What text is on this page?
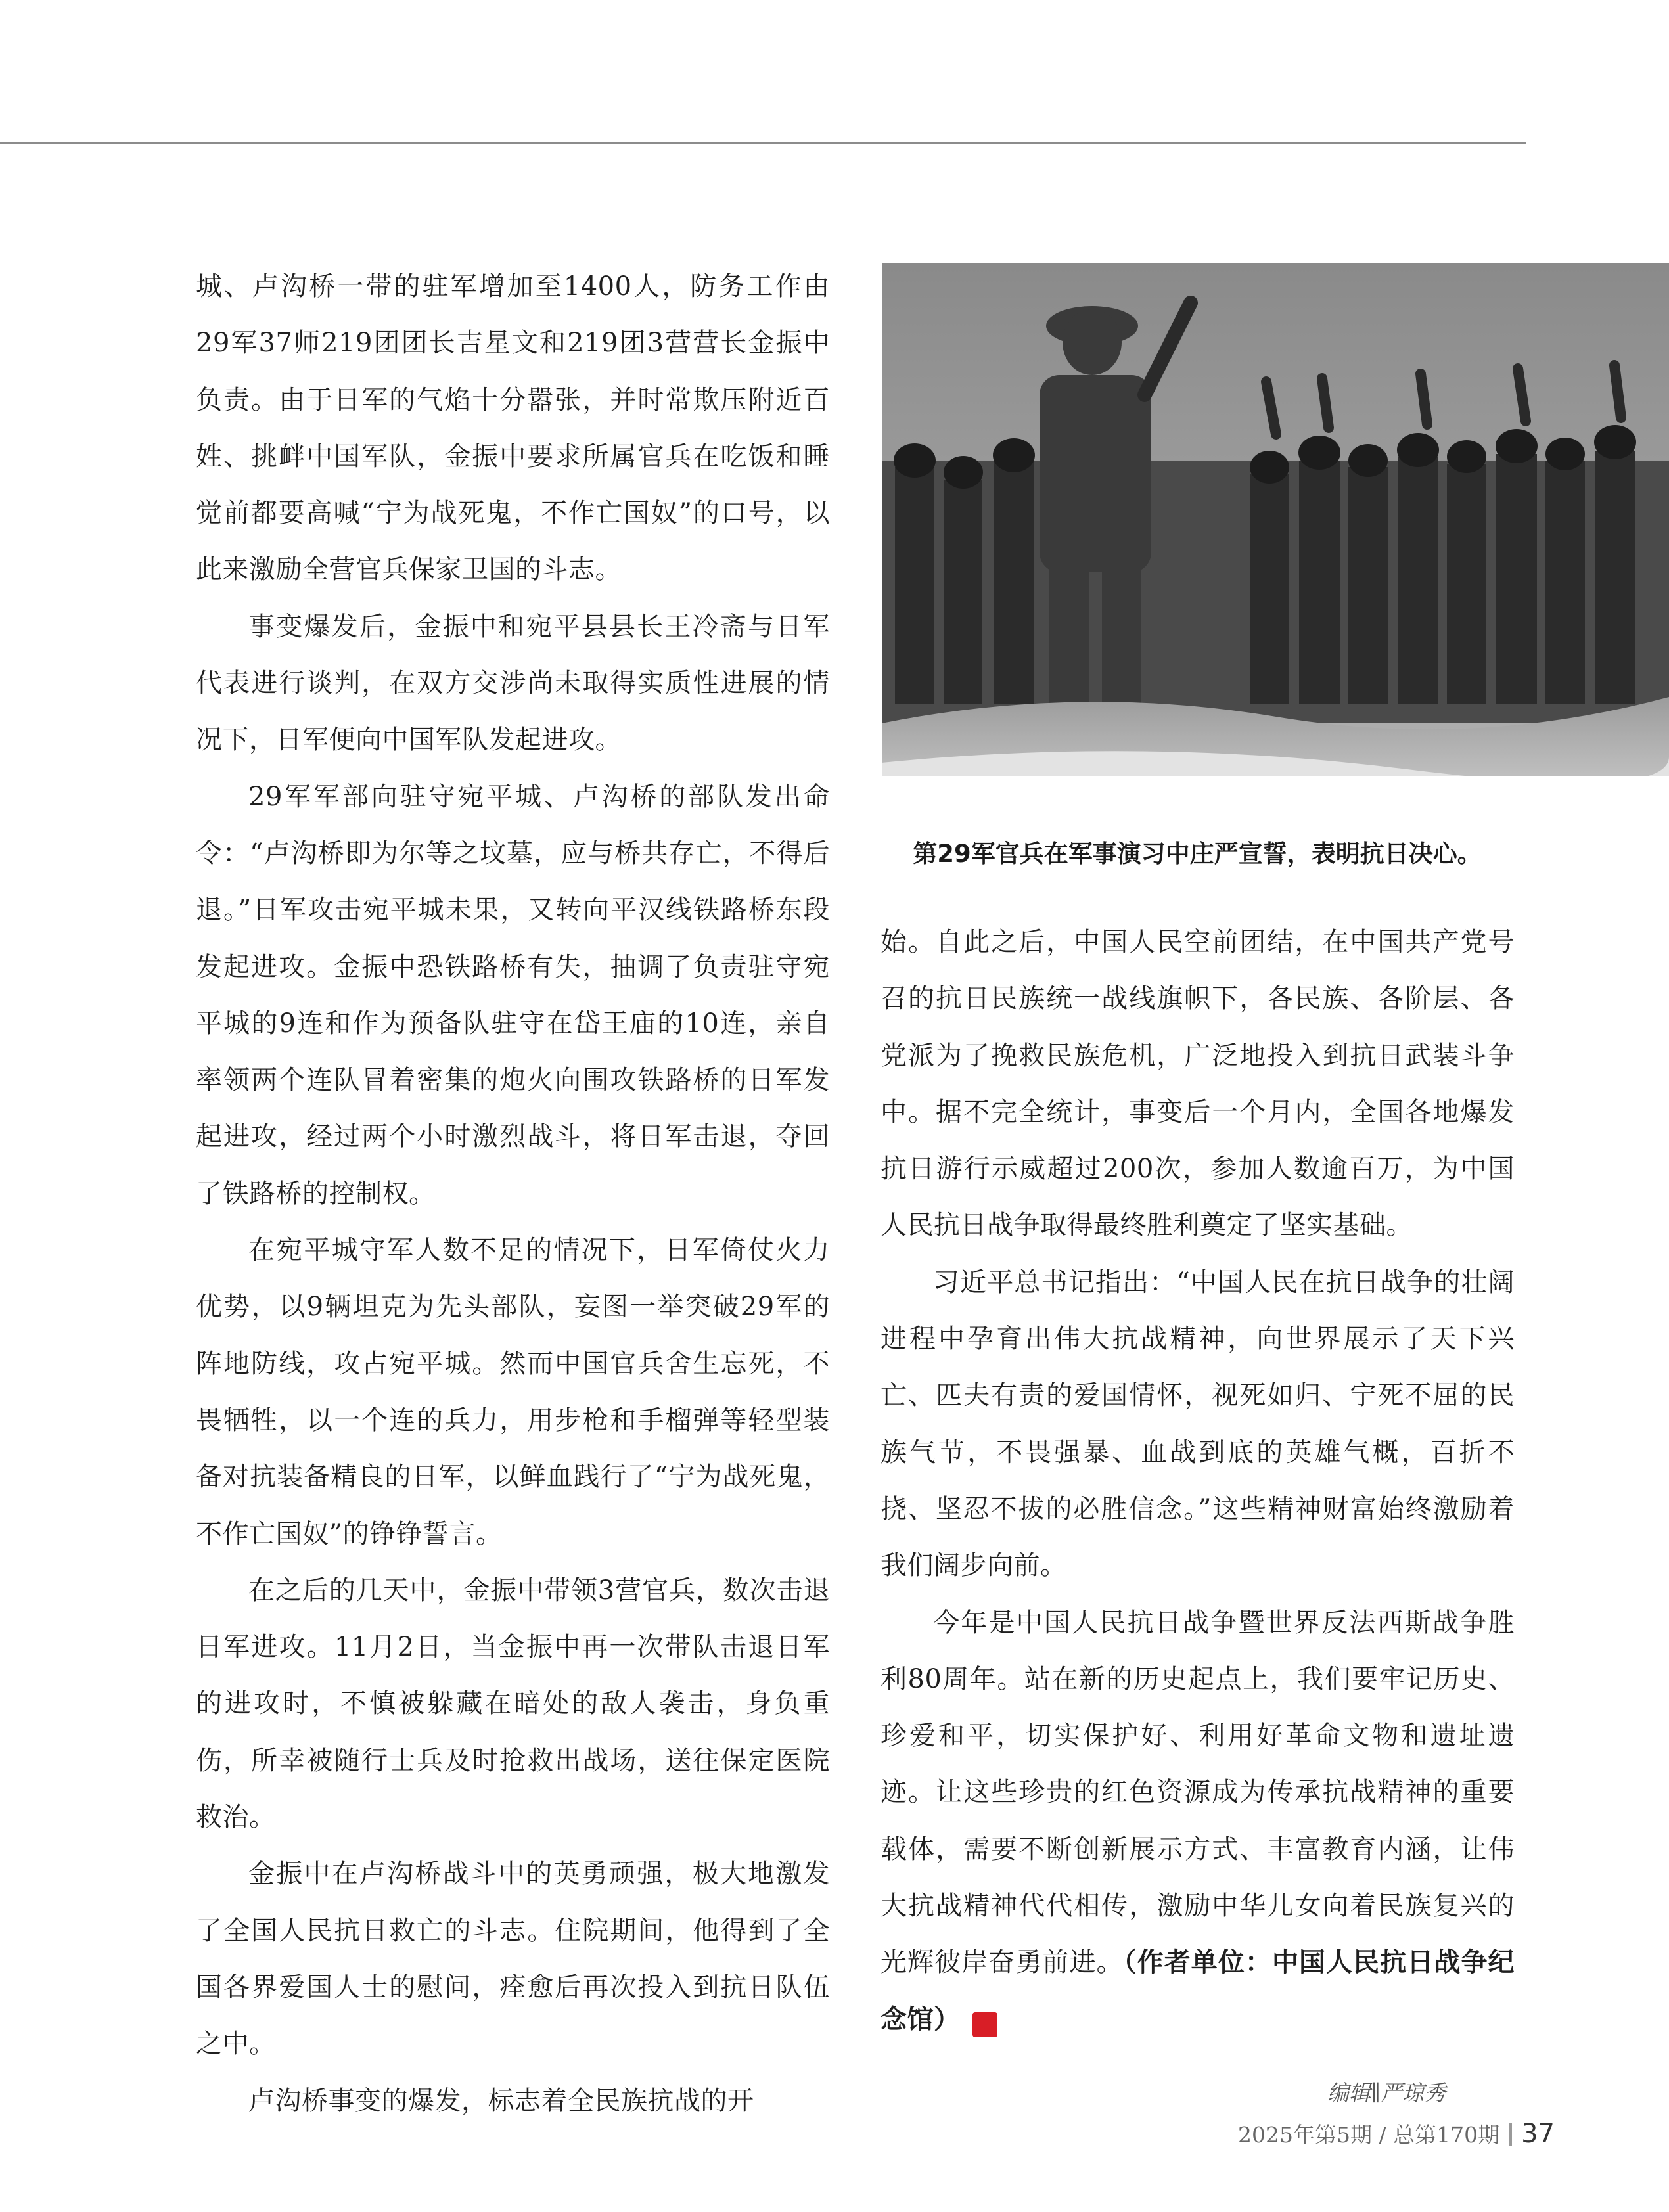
城、卢沟桥一带的驻军增加至1400人，防务工作由29军37师219团团长吉星文和219团3营营长金振中负责。由于日军的气焰十分嚣张，并时常欺压附近百姓、挑衅中国军队，金振中要求所属官兵在吃饭和睡觉前都要高喊“宁为战死鬼，不作亡国奴”的口号，以此来激励全营官兵保家卫国的斗志。

事变爆发后，金振中和宛平县县长王冷斋与日军代表进行谈判，在双方交涉尚未取得实质性进展的情况下，日军便向中国军队发起进攻。

29军军部向驻守宛平城、卢沟桥的部队发出命令：“卢沟桥即为尔等之坟墓，应与桥共存亡，不得后退。”日军攻击宛平城未果，又转向平汉线铁路桥东段发起进攻。金振中恐铁路桥有失，抽调了负责驻守宛平城的9连和作为预备队驻守在岱王庙的10连，亲自率领两个连队冒着密集的炮火向围攻铁路桥的日军发起进攻，经过两个小时激烈战斗，将日军击退，夺回了铁路桥的控制权。

在宛平城守军人数不足的情况下，日军倚仗火力优势，以9辆坦克为先头部队，妄图一举突破29军的阵地防线，攻占宛平城。然而中国官兵舍生忘死，不畏牺牲，以一个连的兵力，用步枪和手榴弹等轻型装备对抗装备精良的日军，以鲜血践行了“宁为战死鬼，不作亡国奴”的铮铮誓言。

在之后的几天中，金振中带领3营官兵，数次击退日军进攻。11月2日，当金振中再一次带队击退日军的进攻时，不慎被躲藏在暗处的敌人袭击，身负重伤，所幸被随行士兵及时抢救出战场，送往保定医院救治。

金振中在卢沟桥战斗中的英勇顽强，极大地激发了全国人民抗日救亡的斗志。住院期间，他得到了全国各界爱国人士的慰问，痊愈后再次投入到抗日队伍之中。

卢沟桥事变的爆发，标志着全民族抗战的开

第29军官兵在军事演习中庄严宣誓，表明抗日决心。

始。自此之后，中国人民空前团结，在中国共产党号召的抗日民族统一战线旗帜下，各民族、各阶层、各党派为了挽救民族危机，广泛地投入到抗日武装斗争中。据不完全统计，事变后一个月内，全国各地爆发抗日游行示威超过200次，参加人数逾百万，为中国人民抗日战争取得最终胜利奠定了坚实基础。

习近平总书记指出：“中国人民在抗日战争的壮阔进程中孕育出伟大抗战精神，向世界展示了天下兴亡、匹夫有责的爱国情怀，视死如归、宁死不屈的民族气节，不畏强暴、血战到底的英雄气概，百折不挠、坚忍不拔的必胜信念。”这些精神财富始终激励着我们阔步向前。

今年是中国人民抗日战争暨世界反法西斯战争胜利80周年。站在新的历史起点上，我们要牢记历史、珍爱和平，切实保护好、利用好革命文物和遗址遗迹。让这些珍贵的红色资源成为传承抗战精神的重要载体，需要不断创新展示方式、丰富教育内涵，让伟大抗战精神代代相传，激励中华儿女向着民族复兴的光辉彼岸奋勇前进。（作者单位：中国人民抗日战争纪念馆）	G

编辑∥严琼秀
2025年第5期 / 总第170期 37
